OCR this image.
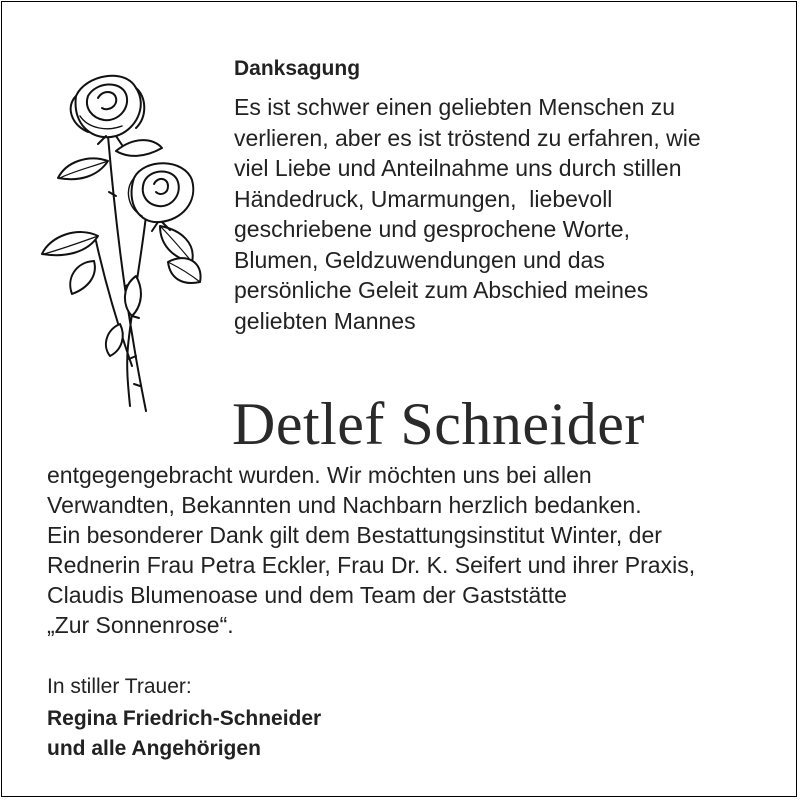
Danksagung
Es ist schwer einen geliebten Menschen zu
verlieren, aber es ist tröstend zu erfahren, wie
viel Liebe und Anteilnahme uns durch stillen
Händedruck, Umarmungen,  liebevoll
geschriebene und gesprochene Worte,
Blumen, Geldzuwendungen und das
persönliche Geleit zum Abschied meines
geliebten Mannes
Detlef Schneider
entgegengebracht wurden. Wir möchten uns bei allen
Verwandten, Bekannten und Nachbarn herzlich bedanken.
Ein besonderer Dank gilt dem Bestattungsinstitut Winter, der
Rednerin Frau Petra Eckler, Frau Dr. K. Seifert und ihrer Praxis,
Claudis Blumenoase und dem Team der Gaststätte
„Zur Sonnenrose“.
In stiller Trauer:
Regina Friedrich-Schneider
und alle Angehörigen
